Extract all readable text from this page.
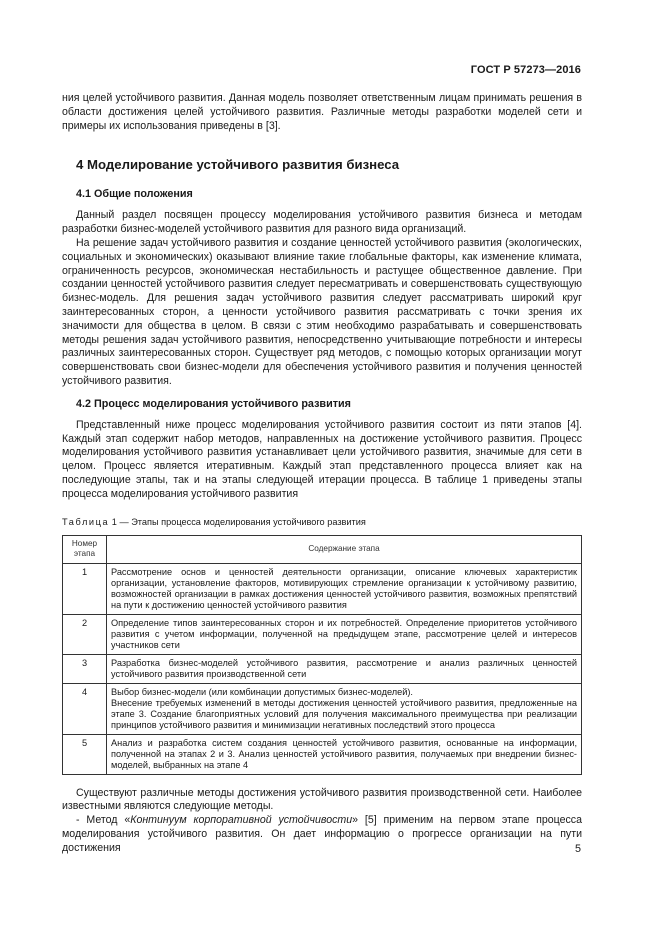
ГОСТ Р 57273—2016

ния целей устойчивого развития. Данная модель позволяет ответственным лицам принимать решения в области достижения целей устойчивого развития. Различные методы разработки моделей сети и примеры их использования приведены в [3].

4 Моделирование устойчивого развития бизнеса
4.1 Общие положения

Данный раздел посвящен процессу моделирования устойчивого развития бизнеса и методам разработки бизнес-моделей устойчивого развития для разного вида организаций.

На решение задач устойчивого развития и создание ценностей устойчивого развития (экологических, социальных и экономических) оказывают влияние такие глобальные факторы, как изменение климата, ограниченность ресурсов, экономическая нестабильность и растущее общественное давление. При создании ценностей устойчивого развития следует пересматривать и совершенствовать существующую бизнес-модель. Для решения задач устойчивого развития следует рассматривать широкий круг заинтересованных сторон, а ценности устойчивого развития рассматривать с точки зрения их значимости для общества в целом. В связи с этим необходимо разрабатывать и совершенствовать методы решения задач устойчивого развития, непосредственно учитывающие потребности и интересы различных заинтересованных сторон. Существует ряд методов, с помощью которых организации могут совершенствовать свои бизнес-модели для обеспечения устойчивого развития и получения ценностей устойчивого развития.

4.2 Процесс моделирования устойчивого развития

Представленный ниже процесс моделирования устойчивого развития состоит из пяти этапов [4]. Каждый этап содержит набор методов, направленных на достижение устойчивого развития. Процесс моделирования устойчивого развития устанавливает цели устойчивого развития, значимые для сети в целом. Процесс является итеративным. Каждый этап представленного процесса влияет как на последующие этапы, так и на этапы следующей итерации процесса. В таблице 1 приведены этапы процесса моделирования устойчивого развития

Таблица 1 — Этапы процесса моделирования устойчивого развития

Номер этапа	Содержание этапа
1	Рассмотрение основ и ценностей деятельности организации, описание ключевых характеристик организации, установление факторов, мотивирующих стремление организации к устойчивому развитию, возможностей организации в рамках достижения ценностей устойчивого развития, возможных препятствий на пути к достижению ценностей устойчивого развития
2	Определение типов заинтересованных сторон и их потребностей. Определение приоритетов устойчивого развития с учетом информации, полученной на предыдущем этапе, рассмотрение целей и интересов участников сети
3	Разработка бизнес-моделей устойчивого развития, рассмотрение и анализ различных ценностей устойчивого развития производственной сети
4	Выбор бизнес-модели (или комбинации допустимых бизнес-моделей).
Внесение требуемых изменений в методы достижения ценностей устойчивого развития, предложенные на этапе 3. Создание благоприятных условий для получения максимального преимущества при реализации принципов устойчивого развития и минимизации негативных последствий этого процесса

5	Анализ и разработка систем создания ценностей устойчивого развития, основанные на информации, полученной на этапах 2 и 3. Анализ ценностей устойчивого развития, получаемых при внедрении бизнес-моделей, выбранных на этапе 4

Существуют различные методы достижения устойчивого развития производственной сети. Наиболее известными являются следующие методы.

- Метод «Континуум корпоративной устойчивости» [5] применим на первом этапе процесса моделирования устойчивого развития. Он дает информацию о прогрессе организации на пути достижения	5
